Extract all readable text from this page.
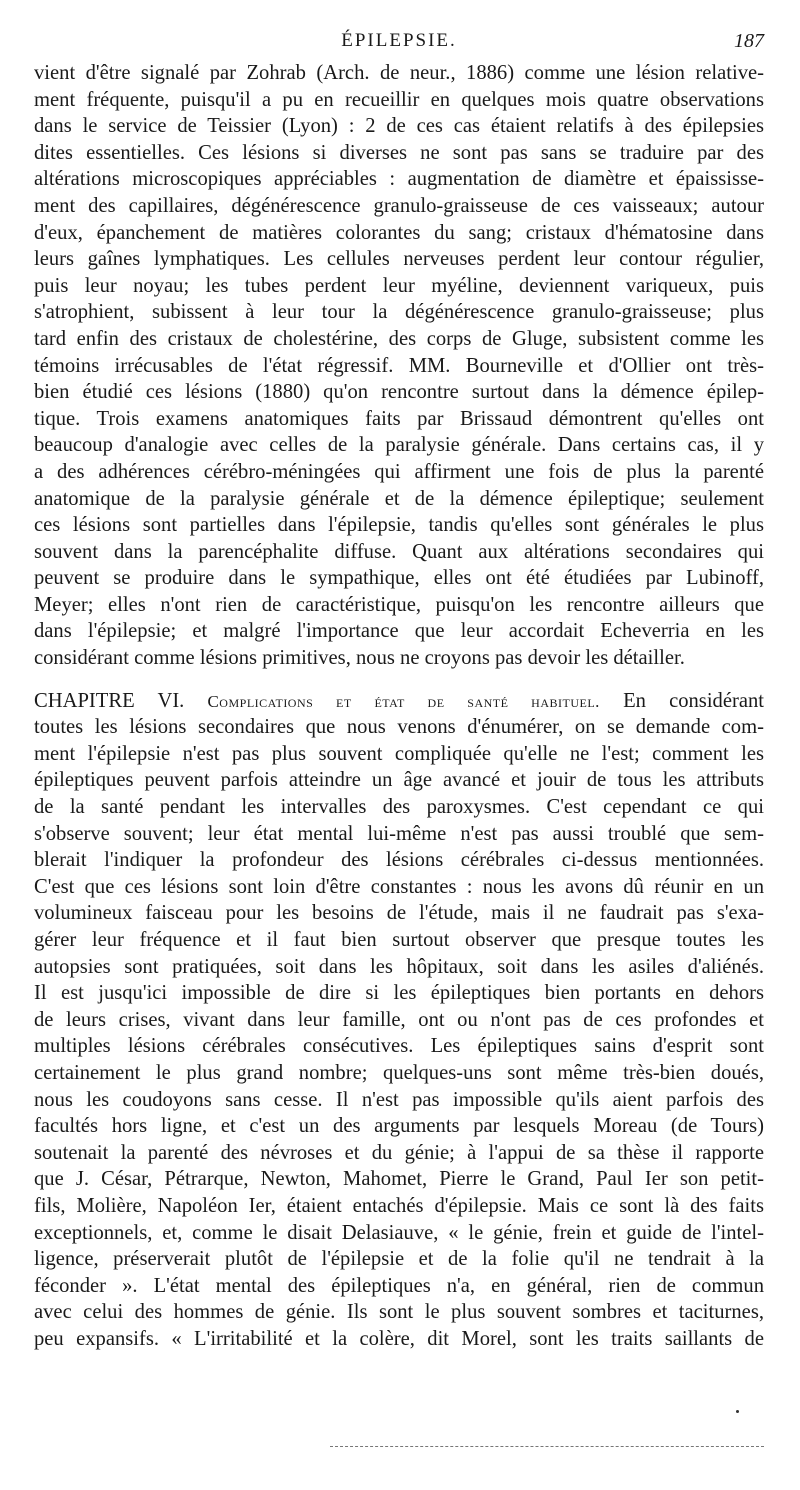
ÉPILEPSIE.	187
vient d'être signalé par Zohrab (Arch. de neur., 1886) comme une lésion relative-
ment fréquente, puisqu'il a pu en recueillir en quelques mois quatre observations
dans le service de Teissier (Lyon) : 2 de ces cas étaient relatifs à des épilepsies
dites essentielles. Ces lésions si diverses ne sont pas sans se traduire par des
altérations microscopiques appréciables : augmentation de diamètre et épaississe-
ment des capillaires, dégénérescence granulo-graisseuse de ces vaisseaux; autour
d'eux, épanchement de matières colorantes du sang; cristaux d'hématosine dans
leurs gaînes lymphatiques. Les cellules nerveuses perdent leur contour régulier,
puis leur noyau; les tubes perdent leur myéline, deviennent variqueux, puis
s'atrophient, subissent à leur tour la dégénérescence granulo-graisseuse; plus
tard enfin des cristaux de cholestérine, des corps de Gluge, subsistent comme les
témoins irrécusables de l'état régressif. MM. Bourneville et d'Ollier ont très-
bien étudié ces lésions (1880) qu'on rencontre surtout dans la démence épilep-
tique. Trois examens anatomiques faits par Brissaud démontrent qu'elles ont
beaucoup d'analogie avec celles de la paralysie générale. Dans certains cas, il y
a des adhérences cérébro-méningées qui affirment une fois de plus la parenté
anatomique de la paralysie générale et de la démence épileptique; seulement
ces lésions sont partielles dans l'épilepsie, tandis qu'elles sont générales le plus
souvent dans la parencéphalite diffuse. Quant aux altérations secondaires qui
peuvent se produire dans le sympathique, elles ont été étudiées par Lubinoff,
Meyer; elles n'ont rien de caractéristique, puisqu'on les rencontre ailleurs que
dans l'épilepsie; et malgré l'importance que leur accordait Echeverria en les
considérant comme lésions primitives, nous ne croyons pas devoir les détailler.
CHAPITRE VI. Complications et état de santé habituel. En considérant
toutes les lésions secondaires que nous venons d'énumérer, on se demande com-
ment l'épilepsie n'est pas plus souvent compliquée qu'elle ne l'est; comment les
épileptiques peuvent parfois atteindre un âge avancé et jouir de tous les attributs
de la santé pendant les intervalles des paroxysmes. C'est cependant ce qui
s'observe souvent; leur état mental lui-même n'est pas aussi troublé que sem-
blerait l'indiquer la profondeur des lésions cérébrales ci-dessus mentionnées.
C'est que ces lésions sont loin d'être constantes : nous les avons dû réunir en un
volumineux faisceau pour les besoins de l'étude, mais il ne faudrait pas s'exa-
gérer leur fréquence et il faut bien surtout observer que presque toutes les
autopsies sont pratiquées, soit dans les hôpitaux, soit dans les asiles d'aliénés.
Il est jusqu'ici impossible de dire si les épileptiques bien portants en dehors
de leurs crises, vivant dans leur famille, ont ou n'ont pas de ces profondes et
multiples lésions cérébrales consécutives. Les épileptiques sains d'esprit sont
certainement le plus grand nombre; quelques-uns sont même très-bien doués,
nous les coudoyons sans cesse. Il n'est pas impossible qu'ils aient parfois des
facultés hors ligne, et c'est un des arguments par lesquels Moreau (de Tours)
soutenait la parenté des névroses et du génie; à l'appui de sa thèse il rapporte
que J. César, Pétrarque, Newton, Mahomet, Pierre le Grand, Paul Ier son petit-
fils, Molière, Napoléon Ier, étaient entachés d'épilepsie. Mais ce sont là des faits
exceptionnels, et, comme le disait Delasiauve, « le génie, frein et guide de l'intel-
ligence, préserverait plutôt de l'épilepsie et de la folie qu'il ne tendrait à la
féconder ». L'état mental des épileptiques n'a, en général, rien de commun
avec celui des hommes de génie. Ils sont le plus souvent sombres et taciturnes,
peu expansifs. « L'irritabilité et la colère, dit Morel, sont les traits saillants de
